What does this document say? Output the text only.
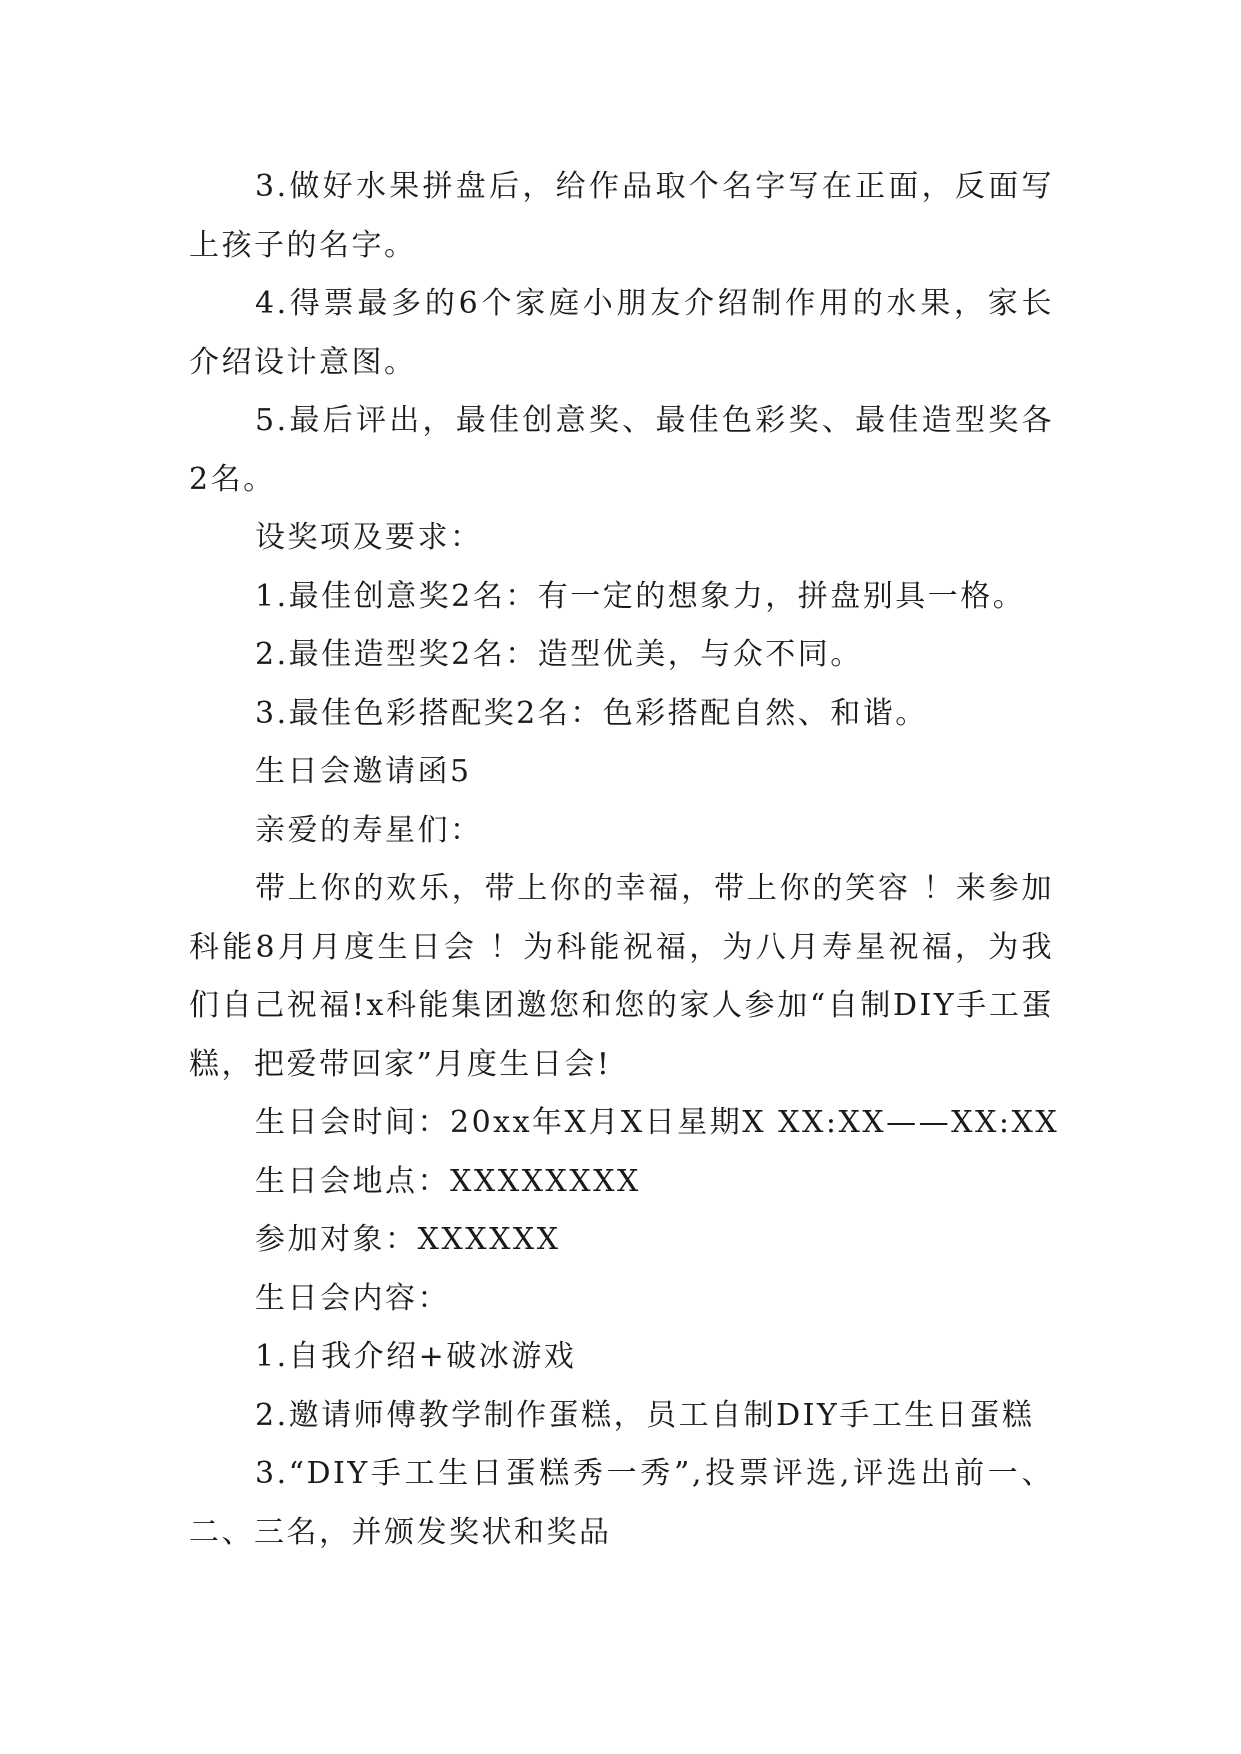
3.做好水果拼盘后，给作品取个名字写在正面，反面写上孩子的名字。

4.得票最多的6个家庭小朋友介绍制作用的水果，家长介绍设计意图。

5.最后评出，最佳创意奖、最佳色彩奖、最佳造型奖各2名。

设奖项及要求：

1.最佳创意奖2名：有一定的想象力，拼盘别具一格。

2.最佳造型奖2名：造型优美，与众不同。

3.最佳色彩搭配奖2名：色彩搭配自然、和谐。

生日会邀请函5

亲爱的寿星们：

带上你的欢乐，带上你的幸福，带上你的笑容 ！来参加科能8月月度生日会 ！为科能祝福，为八月寿星祝福，为我们自己祝福!x科能集团邀您和您的家人参加“自制DIY手工蛋糕，把爱带回家”月度生日会!

生日会时间：20xx年X月X日星期X XX:XX——XX:XX

生日会地点：XXXXXXXX

参加对象：XXXXXX

生日会内容：

1.自我介绍+破冰游戏

2.邀请师傅教学制作蛋糕，员工自制DIY手工生日蛋糕

3.“DIY手工生日蛋糕秀一秀”,投票评选,评选出前一、二、三名，并颁发奖状和奖品
